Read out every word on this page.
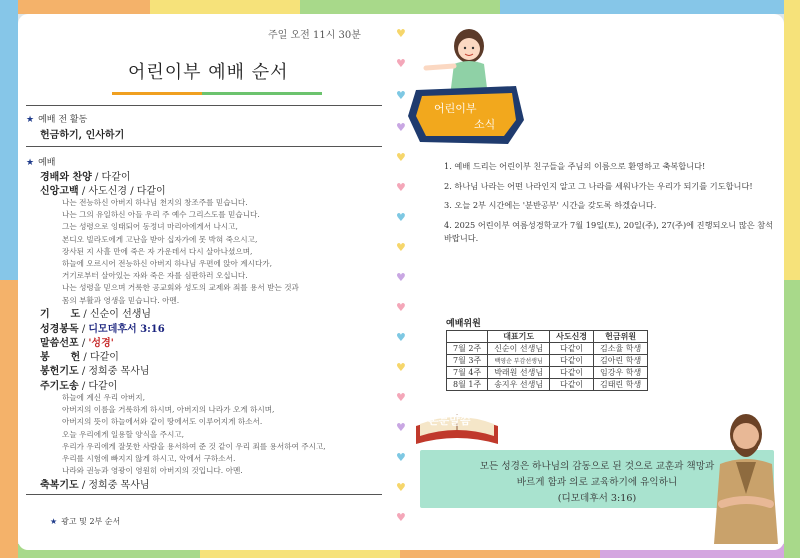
주일 오전 11시 30분
어린이부 예배 순서
★ 예배 전 활동
헌금하기, 인사하기
★ 예배
경배와 찬양 / 다같이
신앙고백 / 사도신경 / 다같이
나는 전능하신 아버지 하나님 천지의 창조주를 믿습니다.
나는 그의 유일하신 아들 우리 주 예수 그리스도를 믿습니다.
그는 성령으로 잉태되어 동정녀 마리아에게서 나시고,
본디오 빌라도에게 고난을 받아 십자가에 못 박혀 죽으시고,
장사된 지 사흘 만에 죽은 자 가운데서 다시 살아나셨으며,
하늘에 오르시어 전능하신 아버지 하나님 우편에 앉아 계시다가,
거기로부터 살아있는 자와 죽은 자를 심판하러 오십니다.
나는 성령을 믿으며 거룩한 공교회와 성도의 교제와 죄를 용서 받는 것과
몸의 부활과 영생을 믿습니다. 아멘.
기      도 / 신순이 선생님
성경봉독 / 디모데후서 3:16
말씀선포 / '성경'
봉      헌 / 다같이
봉헌기도 / 정희중 목사님
주기도송 / 다같이
하늘에 계신 우리 아버지,
아버지의 이름을 거룩하게 하시며, 아버지의 나라가 오게 하시며,
아버지의 뜻이 하늘에서와 같이 땅에서도 이루어지게 하소서.
오늘 우리에게 일용할 양식을 주시고,
우리가 우리에게 잘못한 사람을 용서하여 준 것 같이 우리 죄를 용서하여 주시고,
우리를 시험에 빠지지 않게 하시고, 악에서 구하소서.
나라와 권능과 영광이 영원히 아버지의 것입니다. 아멘.
축복기도 / 정희중 목사님
★ 광고 및 2부 순서
♥
♥
♥
♥
♥
♥
♥
♥
♥
♥
♥
♥
♥
♥
♥
♥
♥
어린이부
소식

1. 예배 드리는 어린이부 친구들을 주님의 이름으로 환영하고 축복합니다!

2. 하나님 나라는 어떤 나라인지 알고 그 나라를 세워나가는 우리가 되기를 기도합니다!

3. 오늘 2부 시간에는 '분반공부' 시간을 갖도록 하겠습니다.

4. 2025 어린이부 여름성경학교가 7월 19일(토), 20일(주), 27(주)에 진행되오니 많은 참석 바랍니다.

예배위원
	대표기도	사도신경	헌금위원
7월 2주	신순이 선생님	다같이	김소율 학생
7월 3주	백영순 부감선생님	다같이	김아린 학생
7월 4주	박래원 선생님	다같이	임강우 학생
8월 1주	송지우 선생님	다같이	김태린 학생
본문말씀
모든 성경은 하나님의 감동으로 된 것으로 교훈과 책망과
바르게 함과 의로 교육하기에 유익하니
(디모데후서 3:16)
